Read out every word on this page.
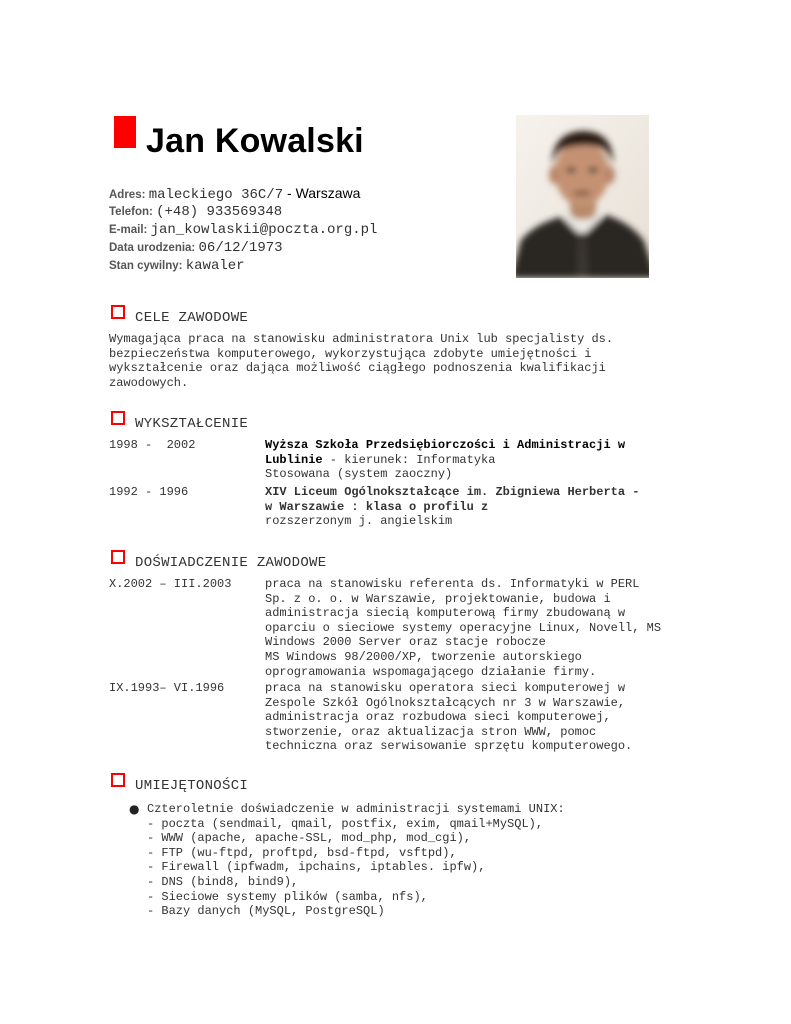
Jan Kowalski
Adres: maleckiego 36C/7 - Warszawa
Telefon: (+48) 933569348
E-mail: jan_kowlaskii@poczta.org.pl
Data urodzenia: 06/12/1973
Stan cywilny: kawaler
CELE ZAWODOWE
Wymagająca praca na stanowisku administratora Unix lub specjalisty ds.
bezpieczeństwa komputerowego, wykorzystująca zdobyte umiejętności i
wykształcenie oraz dająca możliwość ciągłego podnoszenia kwalifikacji
zawodowych.
WYKSZTAŁCENIE
1998 -  2002	Wyższa Szkoła Przedsiębiorczości i Administracji w
Lublinie - kierunek: Informatyka
Stosowana (system zaoczny)
1992 - 1996	XIV Liceum Ogólnokształcące im. Zbigniewa Herberta -
w Warszawie : klasa o profilu z
rozszerzonym j. angielskim
DOŚWIADCZENIE ZAWODOWE
X.2002 – III.2003	praca na stanowisku referenta ds. Informatyki w PERL
Sp. z o. o. w Warszawie, projektowanie, budowa i
administracja siecią komputerową firmy zbudowaną w
oparciu o sieciowe systemy operacyjne Linux, Novell, MS
Windows 2000 Server oraz stacje robocze
MS Windows 98/2000/XP, tworzenie autorskiego
oprogramowania wspomagającego działanie firmy.
IX.1993– VI.1996	praca na stanowisku operatora sieci komputerowej w
Zespole Szkół Ogólnokształcących nr 3 w Warszawie,
administracja oraz rozbudowa sieci komputerowej,
stworzenie, oraz aktualizacja stron WWW, pomoc
techniczna oraz serwisowanie sprzętu komputerowego.
UMIEJĘTONOŚCI
● Czteroletnie doświadczenie w administracji systemami UNIX:
- poczta (sendmail, qmail, postfix, exim, qmail+MySQL),
- WWW (apache, apache-SSL, mod_php, mod_cgi),
- FTP (wu-ftpd, proftpd, bsd-ftpd, vsftpd),
- Firewall (ipfwadm, ipchains, iptables. ipfw),
- DNS (bind8, bind9),
- Sieciowe systemy plików (samba, nfs),
- Bazy danych (MySQL, PostgreSQL)
